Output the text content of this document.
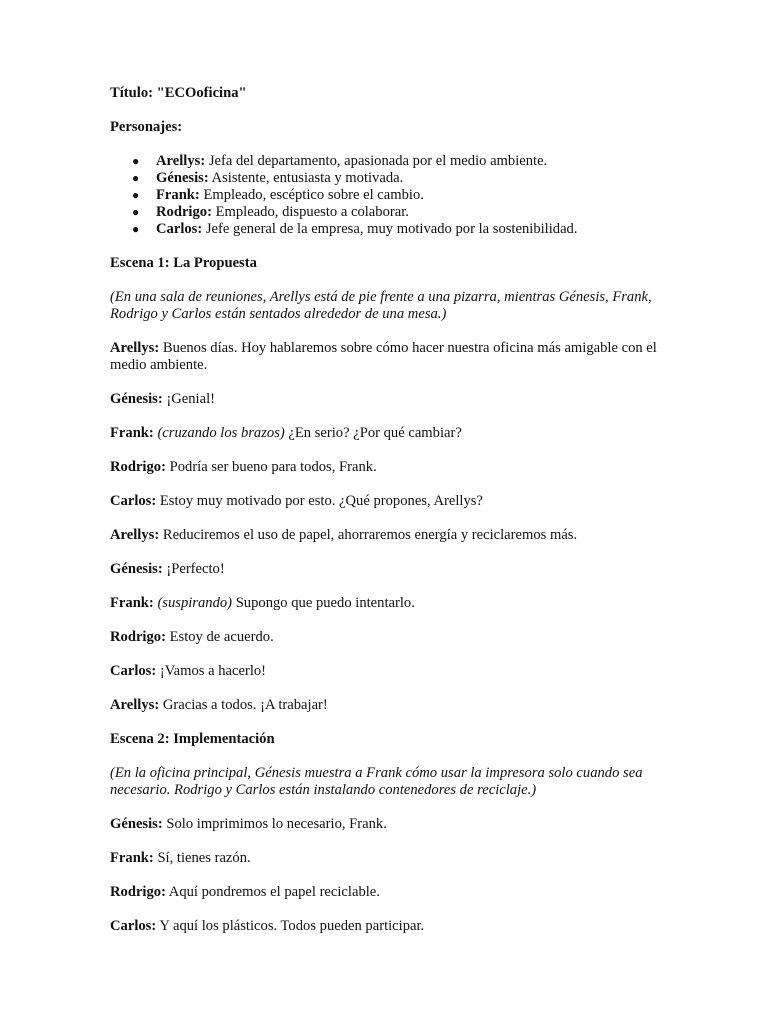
Título: "ECOoficina"
Personajes:
● Arellys: Jefa del departamento, apasionada por el medio ambiente.
● Génesis: Asistente, entusiasta y motivada.
● Frank: Empleado, escéptico sobre el cambio.
● Rodrigo: Empleado, dispuesto a colaborar.
● Carlos: Jefe general de la empresa, muy motivado por la sostenibilidad.
Escena 1: La Propuesta
(En una sala de reuniones, Arellys está de pie frente a una pizarra, mientras Génesis, Frank, Rodrigo y Carlos están sentados alrededor de una mesa.)
Arellys: Buenos días. Hoy hablaremos sobre cómo hacer nuestra oficina más amigable con el medio ambiente.
Génesis: ¡Genial!
Frank: (cruzando los brazos) ¿En serio? ¿Por qué cambiar?
Rodrigo: Podría ser bueno para todos, Frank.
Carlos: Estoy muy motivado por esto. ¿Qué propones, Arellys?
Arellys: Reduciremos el uso de papel, ahorraremos energía y reciclaremos más.
Génesis: ¡Perfecto!
Frank: (suspirando) Supongo que puedo intentarlo.
Rodrigo: Estoy de acuerdo.
Carlos: ¡Vamos a hacerlo!
Arellys: Gracias a todos. ¡A trabajar!
Escena 2: Implementación
(En la oficina principal, Génesis muestra a Frank cómo usar la impresora solo cuando sea necesario. Rodrigo y Carlos están instalando contenedores de reciclaje.)
Génesis: Solo imprimimos lo necesario, Frank.
Frank: Sí, tienes razón.
Rodrigo: Aquí pondremos el papel reciclable.
Carlos: Y aquí los plásticos. Todos pueden participar.
